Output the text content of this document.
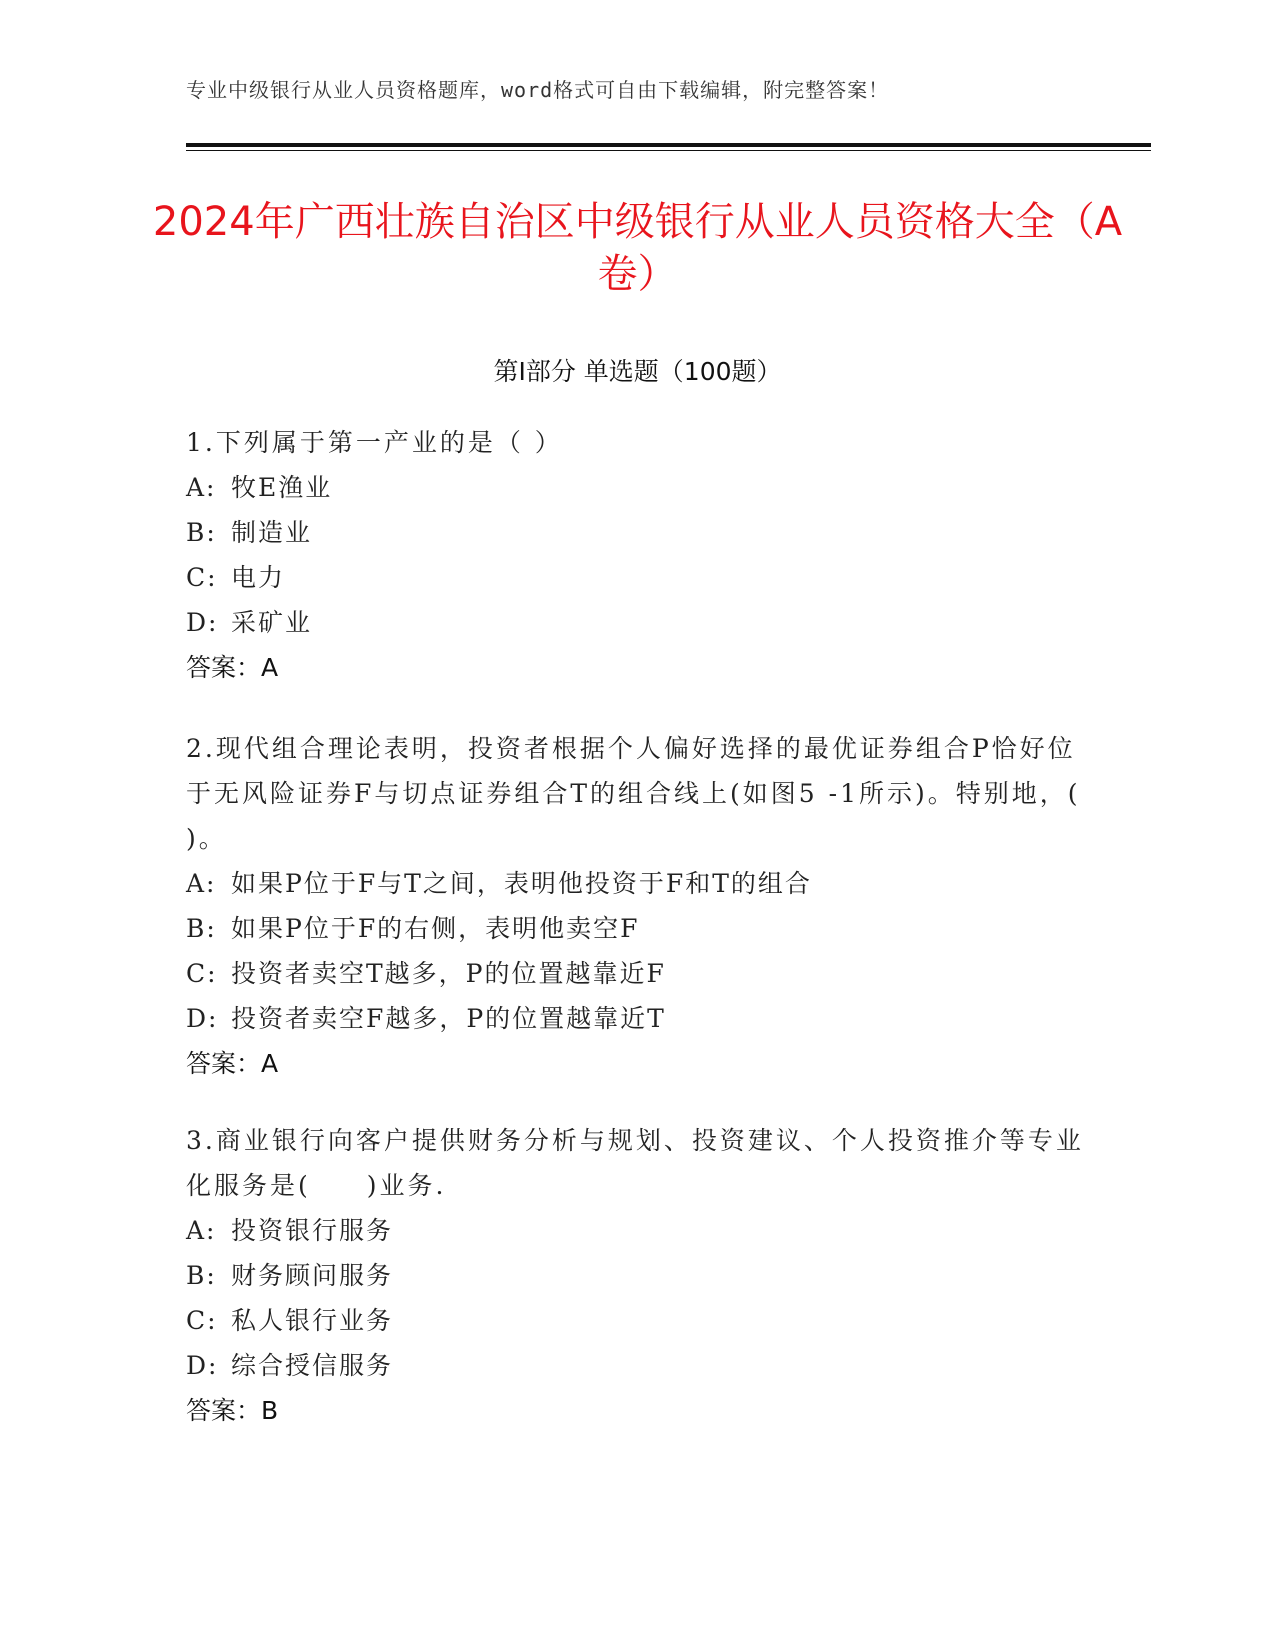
专业中级银行从业人员资格题库，word格式可自由下载编辑，附完整答案！
2024年广西壮族自治区中级银行从业人员资格大全（A卷）
第Ⅰ部分 单选题（100题）
1.下列属于第一产业的是（ ）
A: 牧E渔业
B: 制造业
C: 电力
D: 采矿业
答案：A
2.现代组合理论表明，投资者根据个人偏好选择的最优证券组合P恰好位于无风险证券F与切点证券组合T的组合线上(如图5 -1所示)。特别地，( )。
A: 如果P位于F与T之间，表明他投资于F和T的组合
B: 如果P位于F的右侧，表明他卖空F
C: 投资者卖空T越多，P的位置越靠近F
D: 投资者卖空F越多，P的位置越靠近T
答案：A
3.商业银行向客户提供财务分析与规划、投资建议、个人投资推介等专业化服务是(　　)业务.
A: 投资银行服务
B: 财务顾问服务
C: 私人银行业务
D: 综合授信服务
答案：B
